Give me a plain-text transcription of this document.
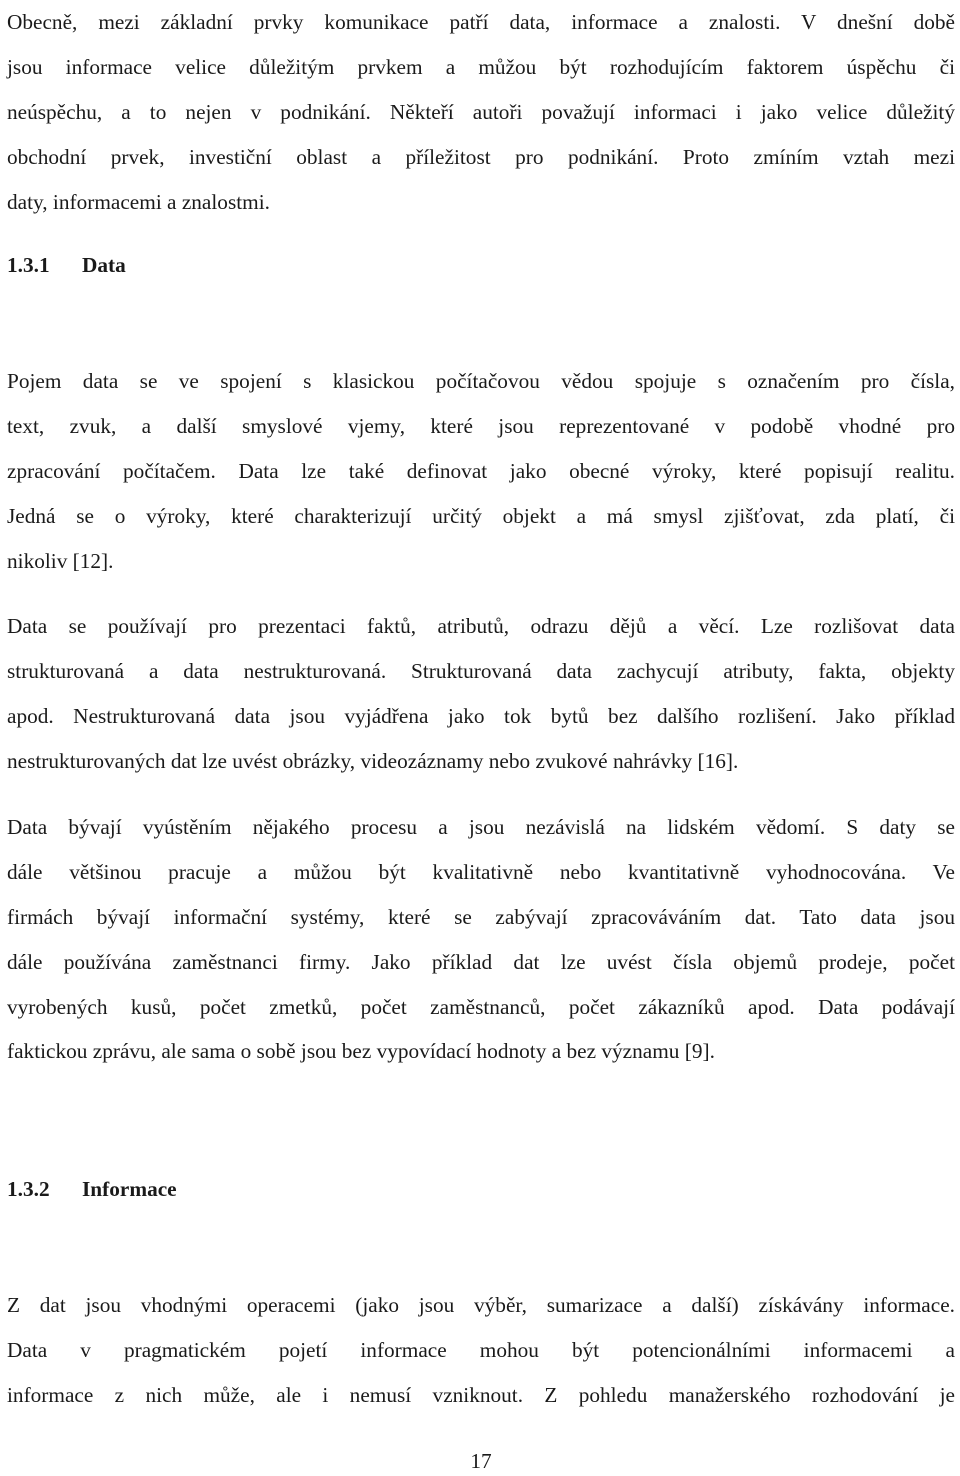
Obecně, mezi základní prvky komunikace patří data, informace a znalosti. V dnešní době
jsou informace velice důležitým prvkem a můžou být rozhodujícím faktorem úspěchu či
neúspěchu, a to nejen v podnikání. Někteří autoři považují informaci i jako velice důležitý
obchodní prvek, investiční oblast a příležitost pro podnikání. Proto zmíním vztah mezi
daty, informacemi a znalostmi.
1.3.1 Data
Pojem data se ve spojení s klasickou počítačovou vědou spojuje s označením pro čísla,
text, zvuk, a další smyslové vjemy, které jsou reprezentované v podobě vhodné pro
zpracování počítačem. Data lze také definovat jako obecné výroky, které popisují realitu.
Jedná se o výroky, které charakterizují určitý objekt a má smysl zjišťovat, zda platí, či
nikoliv [12].
Data se používají pro prezentaci faktů, atributů, odrazu dějů a věcí. Lze rozlišovat data
strukturovaná a data nestrukturovaná. Strukturovaná data zachycují atributy, fakta, objekty
apod. Nestrukturovaná data jsou vyjádřena jako tok bytů bez dalšího rozlišení. Jako příklad
nestrukturovaných dat lze uvést obrázky, videozáznamy nebo zvukové nahrávky [16].
Data bývají vyústěním nějakého procesu a jsou nezávislá na lidském vědomí. S daty se
dále většinou pracuje a můžou být kvalitativně nebo kvantitativně vyhodnocována. Ve
firmách bývají informační systémy, které se zabývají zpracováváním dat. Tato data jsou
dále používána zaměstnanci firmy. Jako příklad dat lze uvést čísla objemů prodeje, počet
vyrobených kusů, počet zmetků, počet zaměstnanců, počet zákazníků apod. Data podávají
faktickou zprávu, ale sama o sobě jsou bez vypovídací hodnoty a bez významu [9].
1.3.2 Informace
Z dat jsou vhodnými operacemi (jako jsou výběr, sumarizace a další) získávány informace.
Data v pragmatickém pojetí informace mohou být potencionálními informacemi a
informace z nich může, ale i nemusí vzniknout. Z pohledu manažerského rozhodování je
17
